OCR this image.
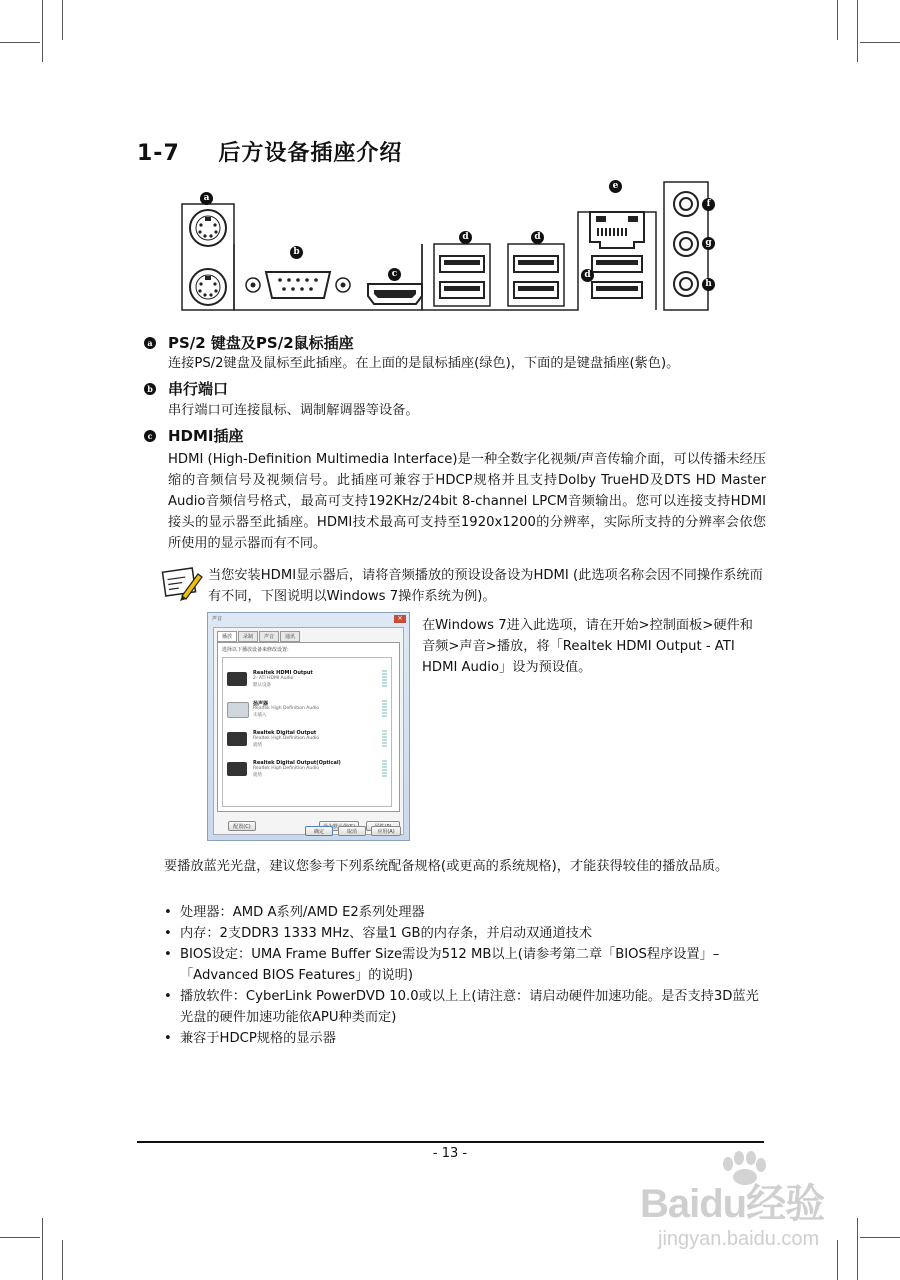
1-7 后方设备插座介绍
a
b
c
d	d
e
d
f
g
h
a PS/2 键盘及PS/2鼠标插座

连接PS/2键盘及鼠标至此插座。在上面的是鼠标插座(绿色)，下面的是键盘插座(紫色)。

b 串行端口

串行端口可连接鼠标、调制解调器等设备。

c HDMI插座

HDMI (High-Definition Multimedia Interface)是一种全数字化视频/声音传输介面，可以传播未经压缩的音频信号及视频信号。此插座可兼容于HDCP规格并且支持Dolby TrueHD及DTS HD Master Audio音频信号格式，最高可支持192KHz/24bit 8-channel LPCM音频输出。您可以连接支持HDMI接头的显示器至此插座。HDMI技术最高可支持至1920x1200的分辨率，实际所支持的分辨率会依您所使用的显示器而有不同。

当您安装HDMI显示器后，请将音频播放的预设设备设为HDMI (此选项名称会因不同操作系统而有不同，下图说明以Windows 7操作系统为例)。

声音	✕
播放	录制	声音	通讯
选择以下播放设备来修改设置:
Realtek HDMI Output
2- ATI HDMI Audio
默认设备
扬声器
Realtek High Definition Audio
未插入
Realtek Digital Output
Realtek High Definition Audio
就绪
Realtek Digital Output(Optical)
Realtek High Definition Audio
就绪
配置(C)
确定	取消	应用(A)

在Windows 7进入此选项，请在开始>控制面板>硬件和音频>声音>播放，将「Realtek HDMI Output - ATI HDMI Audio」设为预设值。

要播放蓝光光盘，建议您参考下列系统配备规格(或更高的系统规格)，才能获得较佳的播放品质。

• 处理器：AMD A系列/AMD E2系列处理器
• 内存：2支DDR3 1333 MHz、容量1 GB的内存条，并启动双通道技术
• BIOS设定：UMA Frame Buffer Size需设为512 MB以上(请参考第二章「BIOS程序设置」–「Advanced BIOS Features」的说明)
• 播放软件：CyberLink PowerDVD 10.0或以上上(请注意：请启动硬件加速功能。是否支持3D蓝光光盘的硬件加速功能依APU种类而定)
• 兼容于HDCP规格的显示器
- 13 -
Baidu经验
jingyan.baidu.com
